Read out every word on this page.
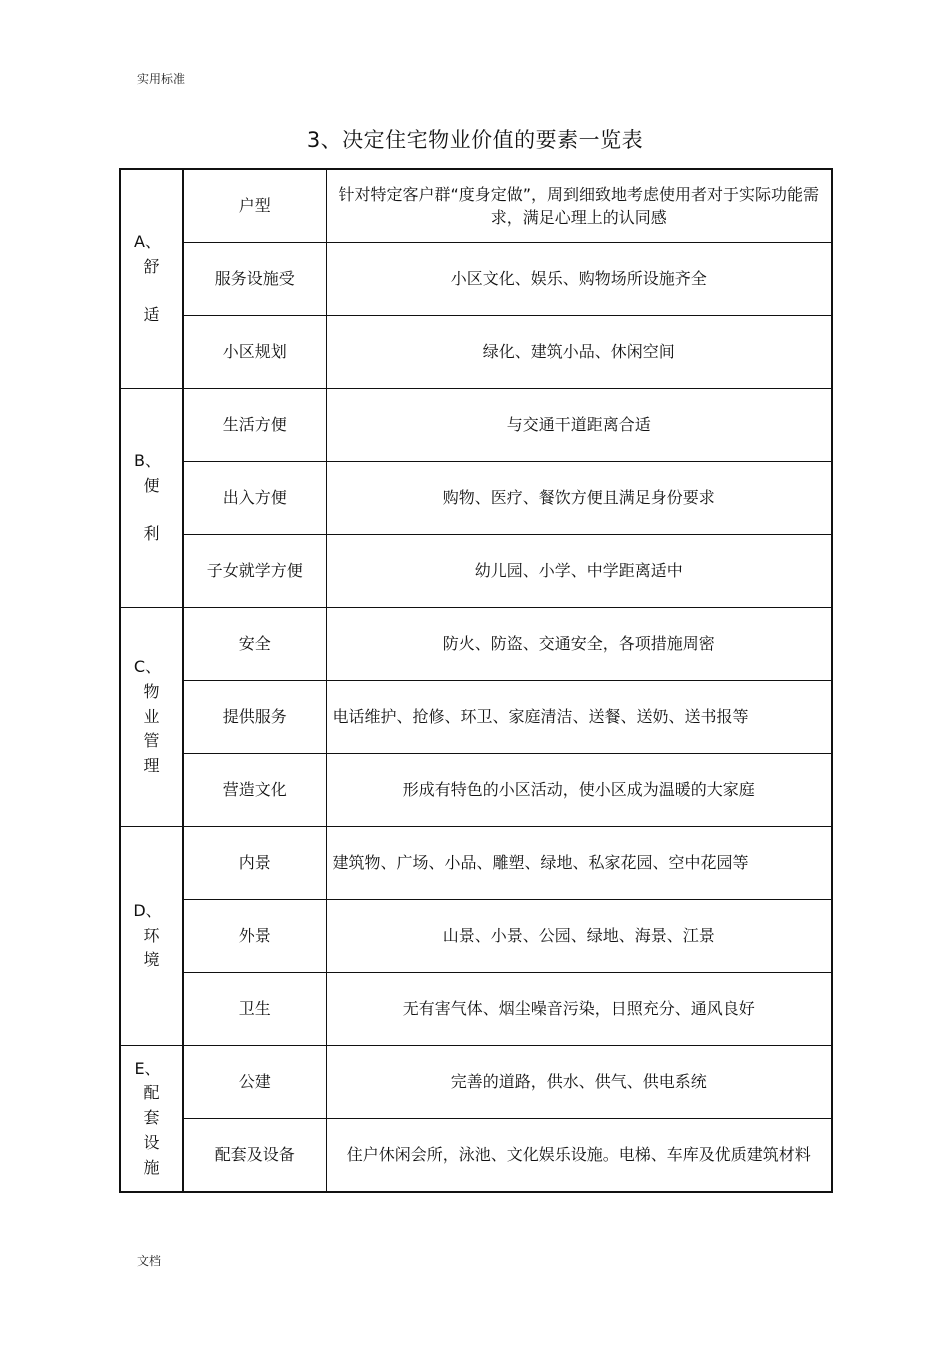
实用标准
3、决定住宅物业价值的要素一览表
A、
舒
适	户型	针对特定客户群“度身定做”，周到细致地考虑使用者对于实际功能需求，满足心理上的认同感
	服务设施受	小区文化、娱乐、购物场所设施齐全
	小区规划	绿化、建筑小品、休闲空间

B、
便
利	生活方便	与交通干道距离合适
	出入方便	购物、医疗、餐饮方便且满足身份要求
	子女就学方便	幼儿园、小学、中学距离适中

C、
物
业
管
理	安全	防火、防盗、交通安全，各项措施周密
	提供服务	电话维护、抢修、环卫、家庭清洁、送餐、送奶、送书报等
	营造文化	形成有特色的小区活动，使小区成为温暖的大家庭

D、
环
境	内景	建筑物、广场、小品、雕塑、绿地、私家花园、空中花园等
	外景	山景、小景、公园、绿地、海景、江景
	卫生	无有害气体、烟尘噪音污染，日照充分、通风良好

E、
配
套
设
施	公建	完善的道路，供水、供气、供电系统
	配套及设备	住户休闲会所，泳池、文化娱乐设施。电梯、车库及优质建筑材料
文档
